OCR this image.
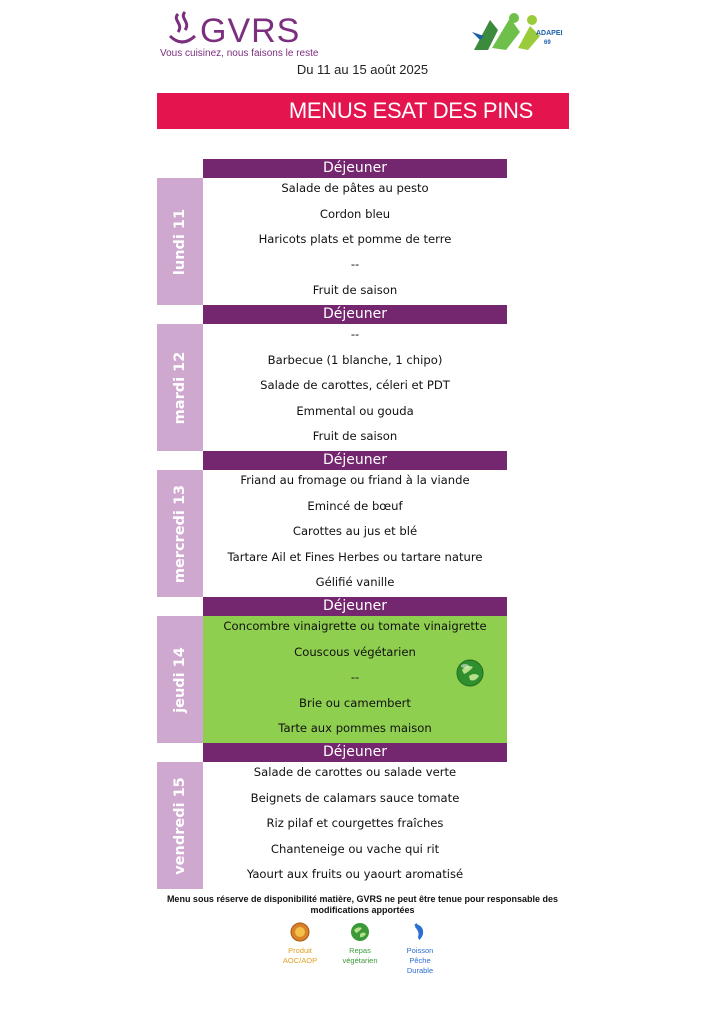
GVRS
Vous cuisinez, nous faisons le reste
ADAPEI
69
Du 11 au 15 août 2025
MENUS ESAT DES PINS
Déjeuner
lundi 11
Salade de pâtes au pesto
Cordon bleu
Haricots plats et pomme de terre
--
Fruit de saison
Déjeuner
mardi 12
--
Barbecue (1 blanche, 1 chipo)
Salade de carottes, céleri et PDT
Emmental ou gouda
Fruit de saison
Déjeuner
mercredi 13
Friand au fromage ou friand à la viande
Emincé de bœuf
Carottes au jus et blé
Tartare Ail et Fines Herbes ou tartare nature
Gélifié vanille
Déjeuner
jeudi 14
Concombre vinaigrette ou tomate vinaigrette
Couscous végétarien
--
Brie ou camembert
Tarte aux pommes maison
Déjeuner
vendredi 15
Salade de carottes ou salade verte
Beignets de calamars sauce tomate
Riz pilaf et courgettes fraîches
Chanteneige ou vache qui rit
Yaourt aux fruits ou yaourt aromatisé
Menu sous réserve de disponibilité matière, GVRS ne peut être tenue pour responsable des modifications apportées
Produit
AOC/AOP
Repas
végétarien
Poisson
Pêche
Durable
